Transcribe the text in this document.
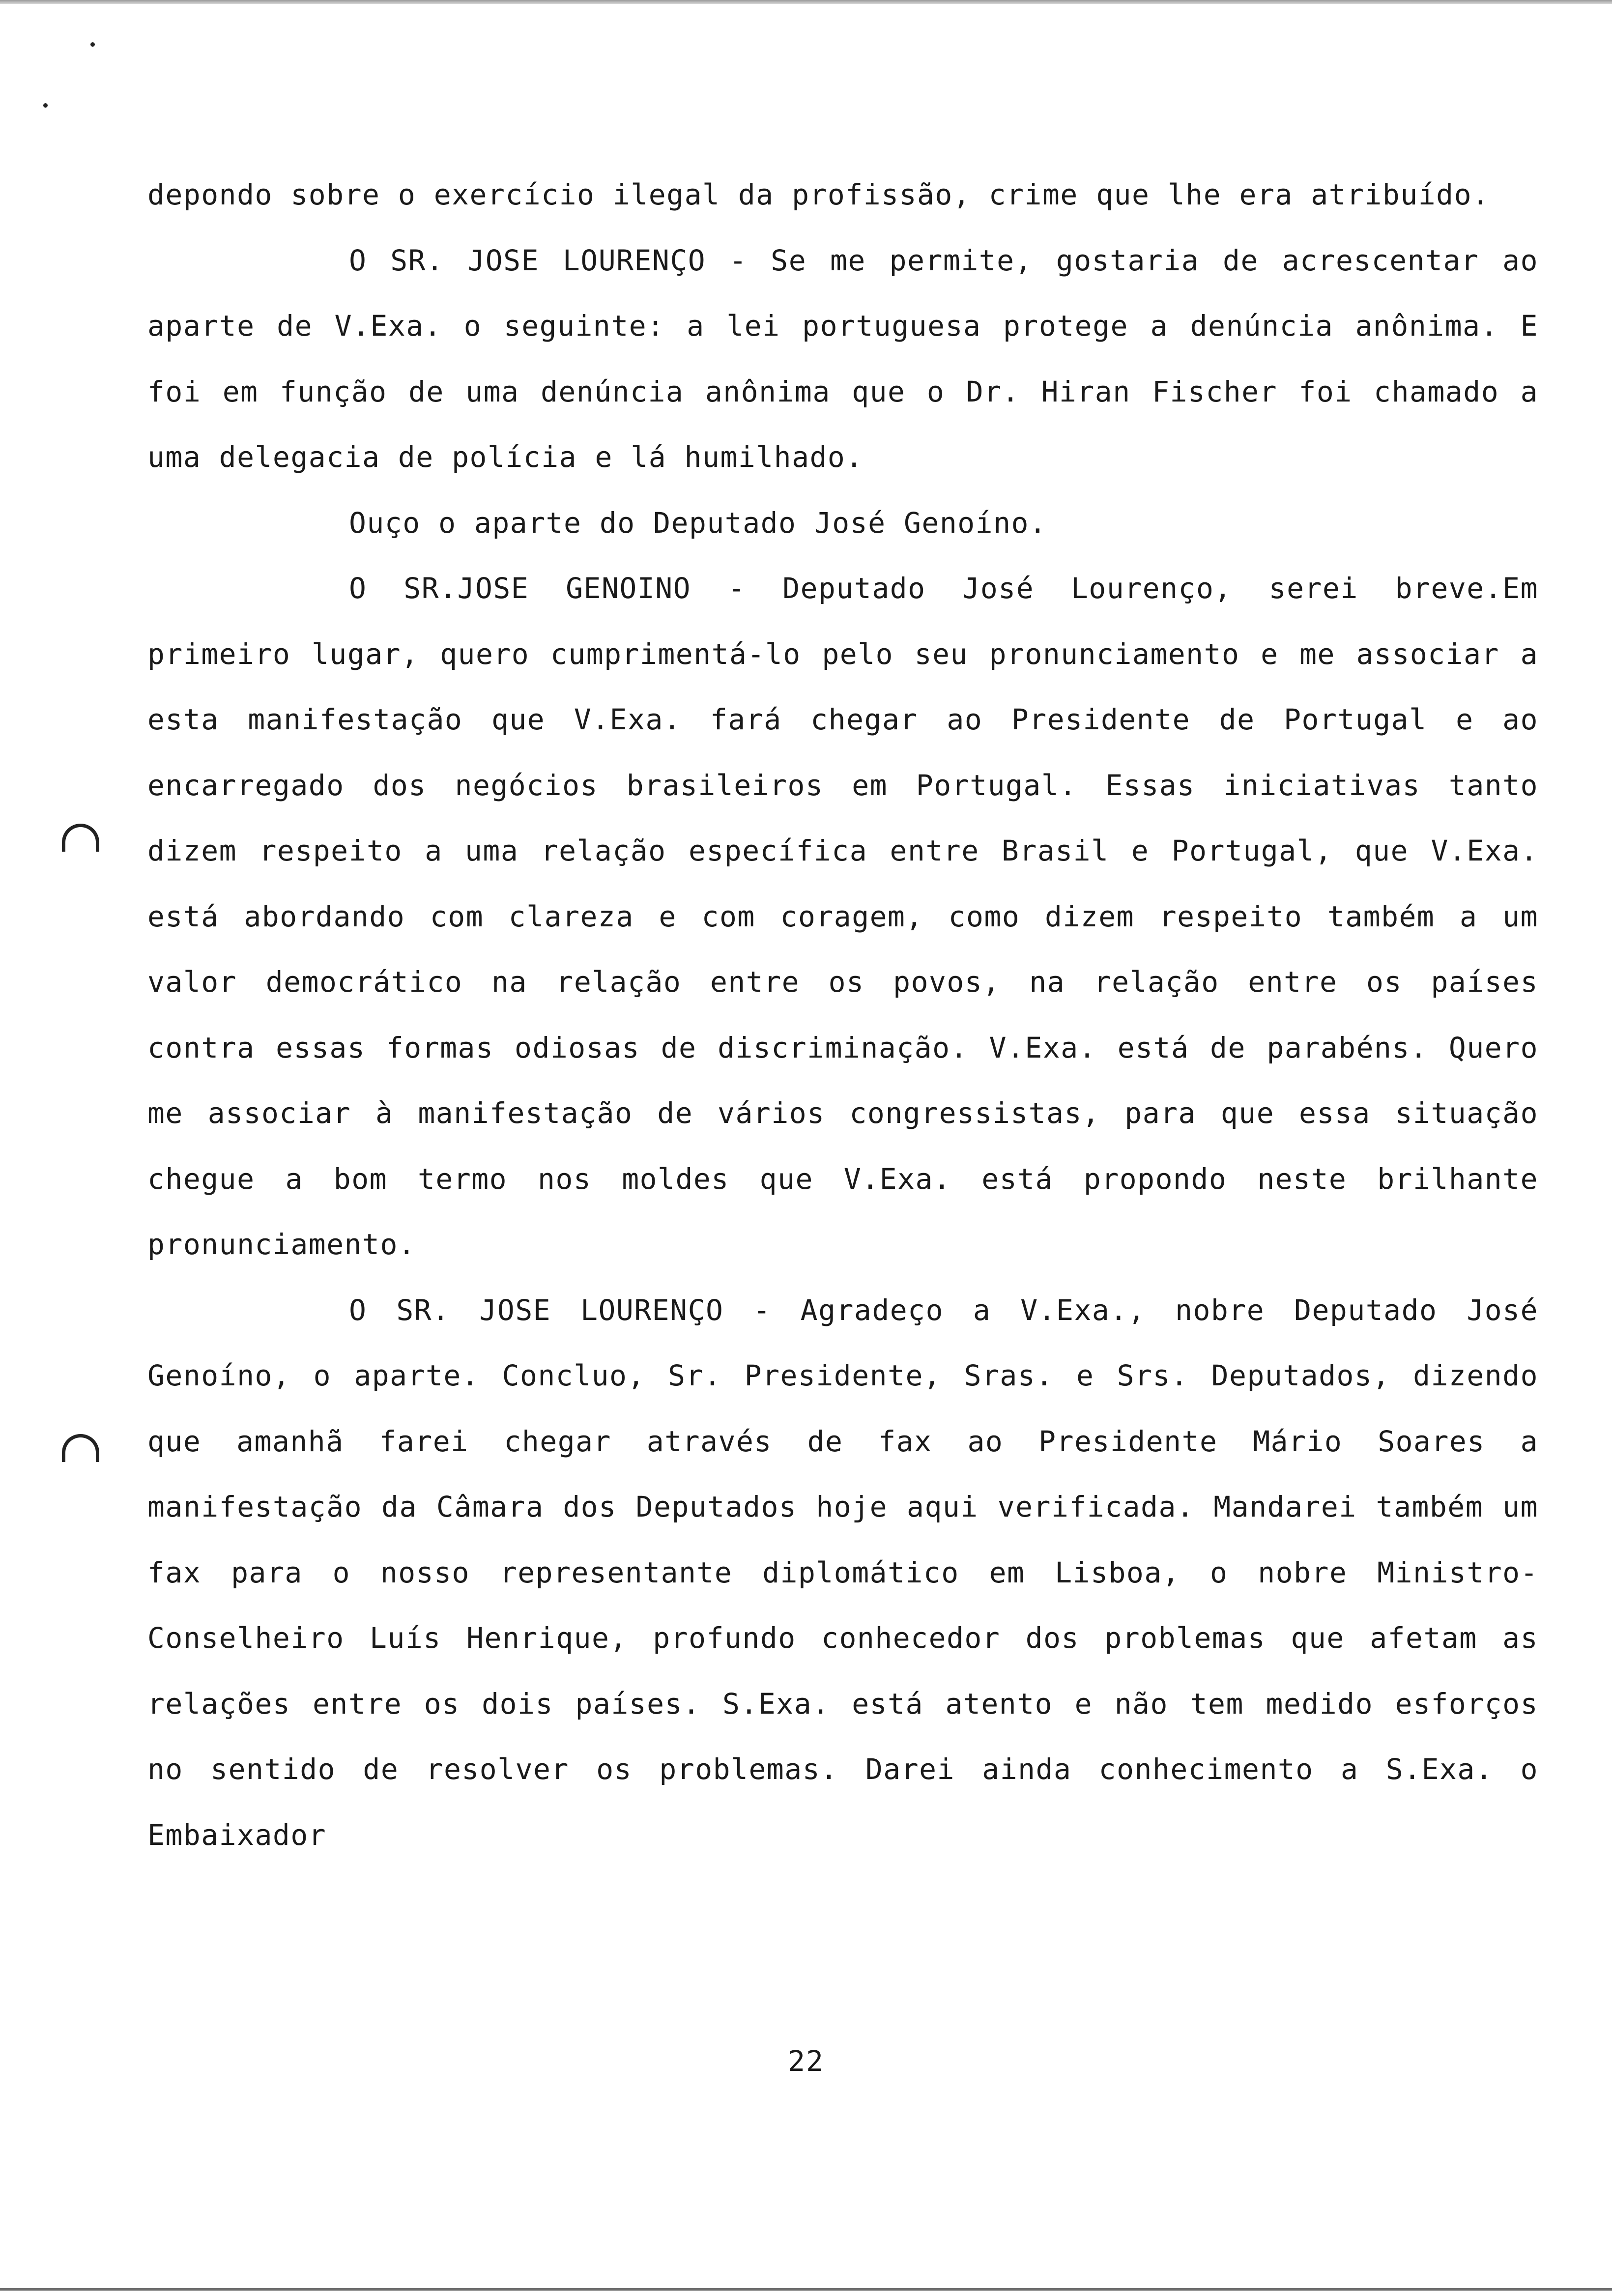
depondo sobre o exercício ilegal da profissão, crime que lhe era atribuído.

O SR. JOSE LOURENÇO - Se me permite, gostaria de acrescentar ao aparte de V.Exa. o seguinte: a lei portuguesa protege a denúncia anônima. E foi em função de uma denúncia anônima que o Dr. Hiran Fischer foi chamado a uma delegacia de polícia e lá humilhado.

Ouço o aparte do Deputado José Genoíno.

O SR.JOSE GENOINO - Deputado José Lourenço, serei breve.Em primeiro lugar, quero cumprimentá-lo pelo seu pronunciamento e me associar a esta manifestação que V.Exa. fará chegar ao Presidente de Portugal e ao encarregado dos negócios brasileiros em Portugal. Essas iniciativas tanto dizem respeito a uma relação específica entre Brasil e Portugal, que V.Exa. está abordando com clareza e com coragem, como dizem respeito também a um valor democrático na relação entre os povos, na relação entre os países contra essas formas odiosas de discriminação. V.Exa. está de parabéns. Quero me associar à manifestação de vários congressistas, para que essa situação chegue a bom termo nos moldes que V.Exa. está propondo neste brilhante pronunciamento.

O SR. JOSE LOURENÇO - Agradeço a V.Exa., nobre Deputado José Genoíno, o aparte. Concluo, Sr. Presidente, Sras. e Srs. Deputados, dizendo que amanhã farei chegar através de fax ao Presidente Mário Soares a manifestação da Câmara dos Deputados hoje aqui verificada. Mandarei também um fax para o nosso representante diplomático em Lisboa, o nobre Ministro-Conselheiro Luís Henrique, profundo conhecedor dos problemas que afetam as relações entre os dois países. S.Exa. está atento e não tem medido esforços no sentido de resolver os problemas. Darei ainda conhecimento a S.Exa. o Embaixador

22
